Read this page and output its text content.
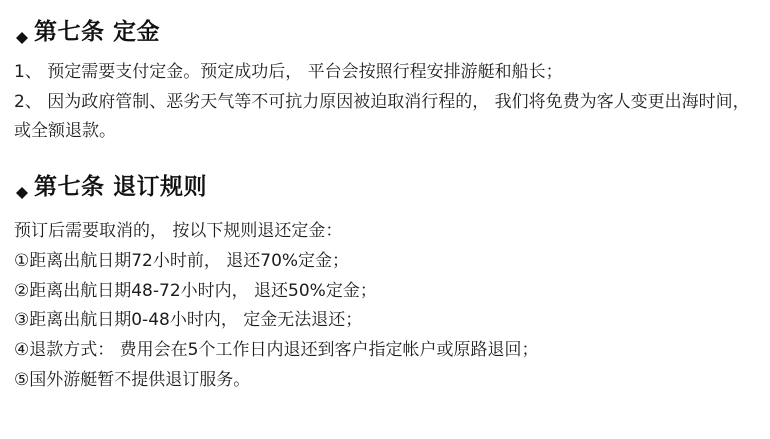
第七条 定金

1、 预定需要支付定金。预定成功后， 平台会按照行程安排游艇和船长；

2、 因为政府管制、恶劣天气等不可抗力原因被迫取消行程的， 我们将免费为客人变更出海时间， 或全额退款。

第七条 退订规则

预订后需要取消的， 按以下规则退还定金：

①距离出航日期72小时前， 退还70%定金；

②距离出航日期48-72小时内， 退还50%定金；

③距离出航日期0-48小时内， 定金无法退还；

④退款方式： 费用会在5个工作日内退还到客户指定帐户或原路退回；

⑤国外游艇暂不提供退订服务。
